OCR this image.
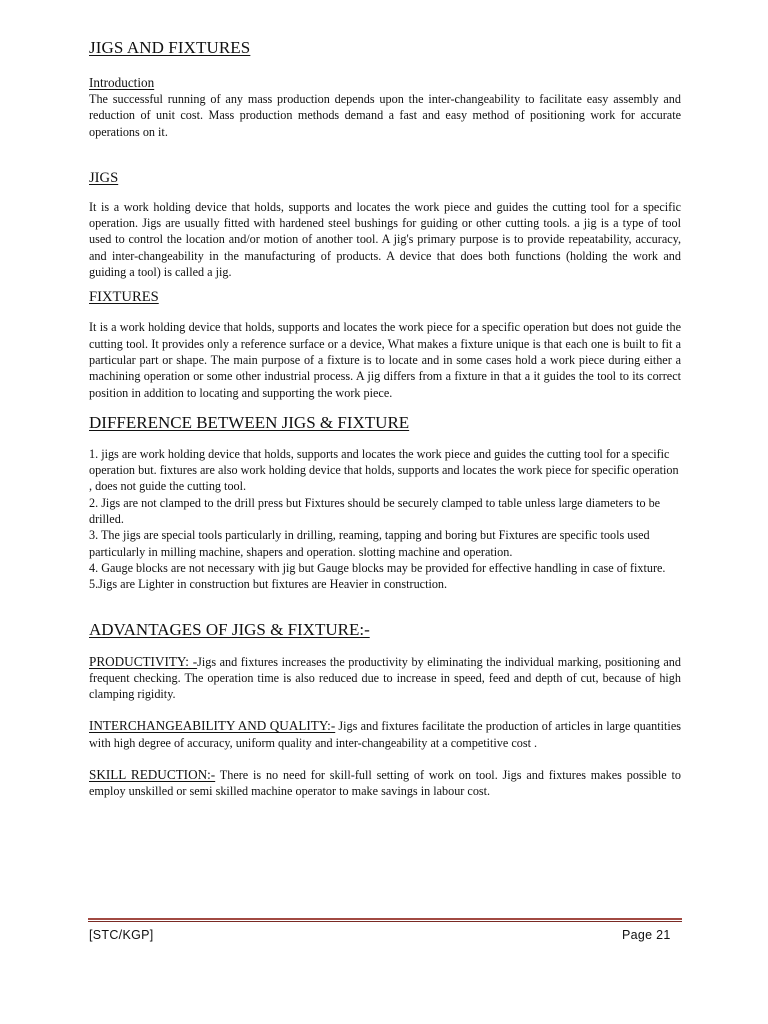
JIGS AND FIXTURES
Introduction

The successful running of any mass production depends upon the inter-changeability to facilitate easy assembly and reduction of unit cost. Mass production methods demand a fast and easy method of positioning work for accurate operations on it.

JIGS

It is a work holding device that holds, supports and locates the work piece and guides the cutting tool for a specific operation. Jigs are usually fitted with hardened steel bushings for guiding or other cutting tools. a jig is a type of tool used to control the location and/or motion of another tool. A jig's primary purpose is to provide repeatability, accuracy, and inter-changeability in the manufacturing of products. A device that does both functions (holding the work and guiding a tool) is called a jig.

FIXTURES

It is a work holding device that holds, supports and locates the work piece for a specific operation but does not guide the cutting tool. It provides only a reference surface or a device, What makes a fixture unique is that each one is built to fit a particular part or shape. The main purpose of a fixture is to locate and in some cases hold a work piece during either a machining operation or some other industrial process. A jig differs from a fixture in that a it guides the tool to its correct position in addition to locating and supporting the work piece.

DIFFERENCE BETWEEN JIGS & FIXTURE

1. jigs are work holding device that holds, supports and locates the work piece and guides the cutting tool for a specific operation but. fixtures are also work holding device that holds, supports and locates the work piece for specific operation , does not guide the cutting tool.

2. Jigs are not clamped to the drill press but Fixtures should be securely clamped to table unless large diameters to be drilled.

3. The jigs are special tools particularly in drilling, reaming, tapping and boring but Fixtures are specific tools used particularly in milling machine, shapers and operation. slotting machine and operation.

4. Gauge blocks are not necessary with jig but Gauge blocks may be provided for effective handling in case of fixture.

5.Jigs are Lighter in construction but fixtures are Heavier in construction.

ADVANTAGES OF JIGS & FIXTURE:-

PRODUCTIVITY: -Jigs and fixtures increases the productivity by eliminating the individual marking, positioning and frequent checking. The operation time is also reduced due to increase in speed, feed and depth of cut, because of high clamping rigidity.

INTERCHANGEABILITY AND QUALITY:- Jigs and fixtures facilitate the production of articles in large quantities with high degree of accuracy, uniform quality and inter-changeability at a competitive cost .

SKILL REDUCTION:- There is no need for skill-full setting of work on tool. Jigs and fixtures makes possible to employ unskilled or semi skilled machine operator to make savings in labour cost.

[STC/KGP]	Page 21
